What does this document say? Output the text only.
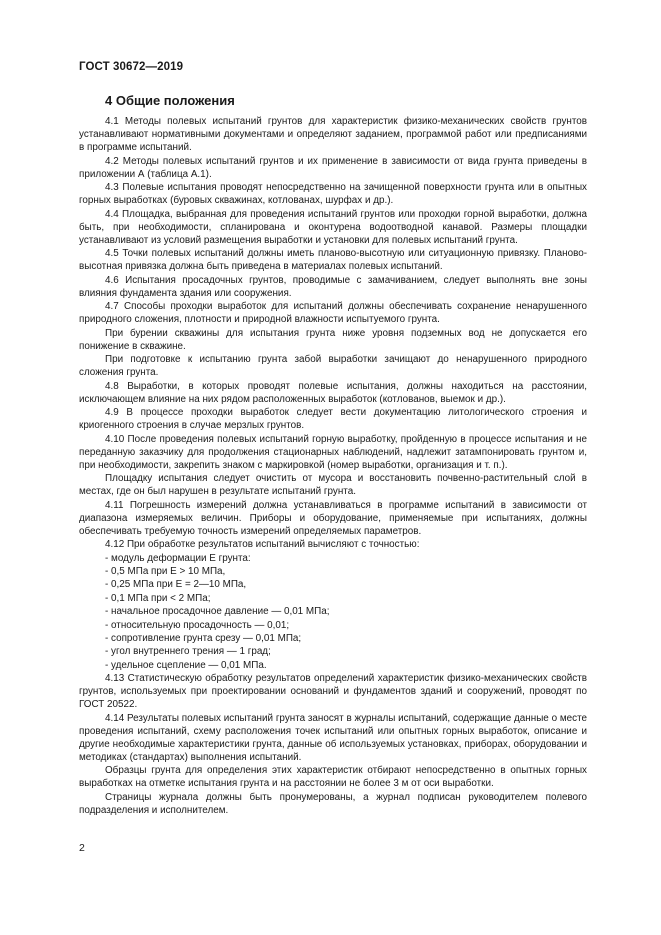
ГОСТ 30672—2019
4 Общие положения

4.1 Методы полевых испытаний грунтов для характеристик физико-механических свойств грунтов устанавливают нормативными документами и определяют заданием, программой работ или предписаниями в программе испытаний.

4.2 Методы полевых испытаний грунтов и их применение в зависимости от вида грунта приведены в приложении А (таблица А.1).

4.3 Полевые испытания проводят непосредственно на зачищенной поверхности грунта или в опытных горных выработках (буровых скважинах, котлованах, шурфах и др.).

4.4 Площадка, выбранная для проведения испытаний грунтов или проходки горной выработки, должна быть, при необходимости, спланирована и оконтурена водоотводной канавой. Размеры площадки устанавливают из условий размещения выработки и установки для полевых испытаний грунта.

4.5 Точки полевых испытаний должны иметь планово-высотную или ситуационную привязку. Планово-высотная привязка должна быть приведена в материалах полевых испытаний.

4.6 Испытания просадочных грунтов, проводимые с замачиванием, следует выполнять вне зоны влияния фундамента здания или сооружения.

4.7 Способы проходки выработок для испытаний должны обеспечивать сохранение ненарушенного природного сложения, плотности и природной влажности испытуемого грунта.

При бурении скважины для испытания грунта ниже уровня подземных вод не допускается его понижение в скважине.

При подготовке к испытанию грунта забой выработки зачищают до ненарушенного природного сложения грунта.

4.8 Выработки, в которых проводят полевые испытания, должны находиться на расстоянии, исключающем влияние на них рядом расположенных выработок (котлованов, выемок и др.).

4.9 В процессе проходки выработок следует вести документацию литологического строения и криогенного строения в случае мерзлых грунтов.

4.10 После проведения полевых испытаний горную выработку, пройденную в процессе испытания и не переданную заказчику для продолжения стационарных наблюдений, надлежит затампонировать грунтом и, при необходимости, закрепить знаком с маркировкой (номер выработки, организация и т. п.).

Площадку испытания следует очистить от мусора и восстановить почвенно-растительный слой в местах, где он был нарушен в результате испытаний грунта.

4.11 Погрешность измерений должна устанавливаться в программе испытаний в зависимости от диапазона измеряемых величин. Приборы и оборудование, применяемые при испытаниях, должны обеспечивать требуемую точность измерений определяемых параметров.

4.12 При обработке результатов испытаний вычисляют с точностью:

- модуль деформации E грунта:

- 0,5 МПа при E > 10 МПа,

- 0,25 МПа при E = 2—10 МПа,

- 0,1 МПа при < 2 МПа;

- начальное просадочное давление — 0,01 МПа;

- относительную просадочность — 0,01;

- сопротивление грунта срезу — 0,01 МПа;

- угол внутреннего трения — 1 град;

- удельное сцепление — 0,01 МПа.

4.13 Статистическую обработку результатов определений характеристик физико-механических свойств грунтов, используемых при проектировании оснований и фундаментов зданий и сооружений, проводят по ГОСТ 20522.

4.14 Результаты полевых испытаний грунта заносят в журналы испытаний, содержащие данные о месте проведения испытаний, схему расположения точек испытаний или опытных горных выработок, описание и другие необходимые характеристики грунта, данные об используемых установках, приборах, оборудовании и методиках (стандартах) выполнения испытаний.

Образцы грунта для определения этих характеристик отбирают непосредственно в опытных горных выработках на отметке испытания грунта и на расстоянии не более 3 м от оси выработки.

Страницы журнала должны быть пронумерованы, а журнал подписан руководителем полевого подразделения и исполнителем.

2
